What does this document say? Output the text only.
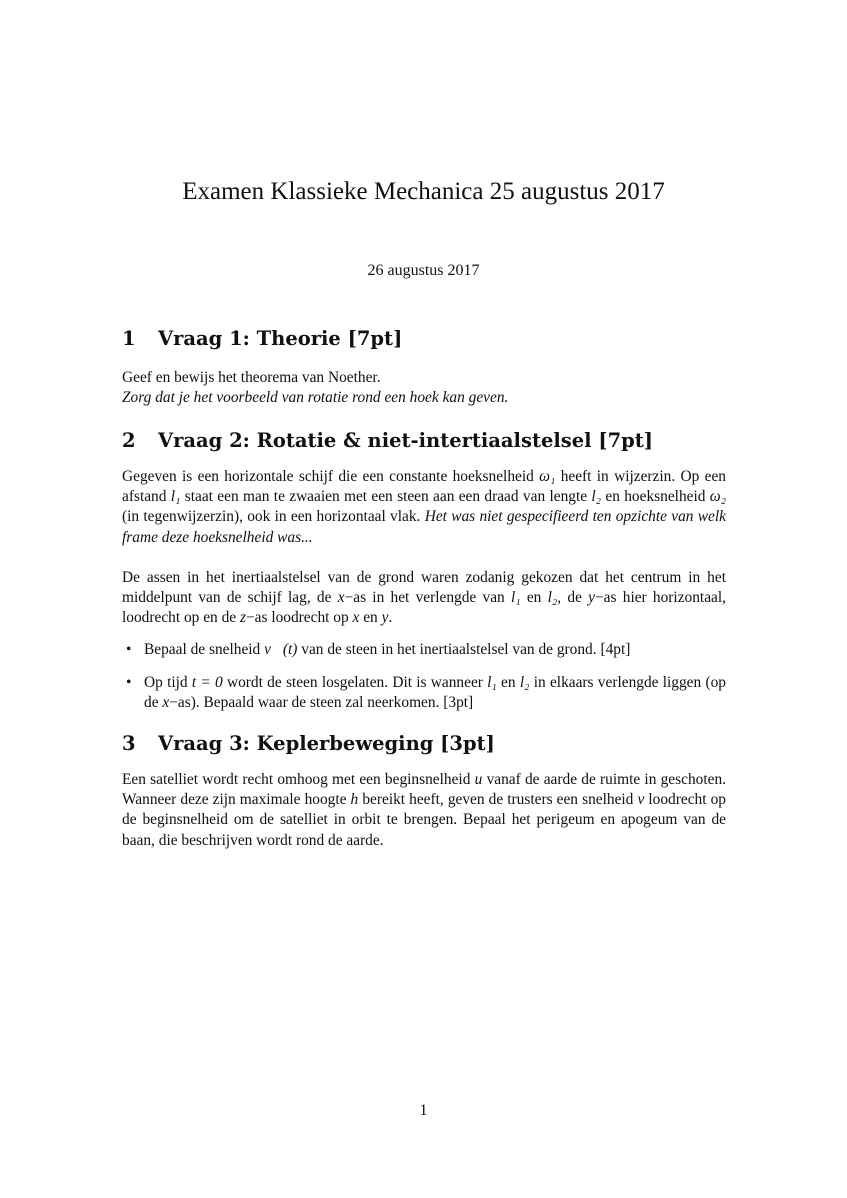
Examen Klassieke Mechanica 25 augustus 2017
26 augustus 2017
1 Vraag 1: Theorie [7pt]

Geef en bewijs het theorema van Noether.

Zorg dat je het voorbeeld van rotatie rond een hoek kan geven.

2 Vraag 2: Rotatie & niet-intertiaalstelsel [7pt]

Gegeven is een horizontale schijf die een constante hoeksnelheid ω₁ heeft in wijzerzin. Op een afstand l₁ staat een man te zwaaien met een steen aan een draad van lengte l₂ en hoeksnelheid ω₂ (in tegenwijzerzin), ook in een horizontaal vlak. Het was niet gespecifieerd ten opzichte van welk frame deze hoeksnelheid was...

De assen in het inertiaalstelsel van de grond waren zodanig gekozen dat het centrum in het middelpunt van de schijf lag, de x−as in het verlengde van l₁ en l₂, de y−as hier horizontaal, loodrecht op en de z−as loodrecht op x en y.

• Bepaal de snelheid v⃗(t) van de steen in het inertiaalstelsel van de grond. [4pt]
• Op tijd t = 0 wordt de steen losgelaten. Dit is wanneer l₁ en l₂ in elkaars verlengde liggen (op de x−as). Bepaald waar de steen zal neerkomen. [3pt]
3 Vraag 3: Keplerbeweging [3pt]

Een satelliet wordt recht omhoog met een beginsnelheid u vanaf de aarde de ruimte in geschoten. Wanneer deze zijn maximale hoogte h bereikt heeft, geven de trusters een snelheid v loodrecht op de beginsnelheid om de satelliet in orbit te brengen. Bepaal het perigeum en apogeum van de baan, die beschrijven wordt rond de aarde.

1
